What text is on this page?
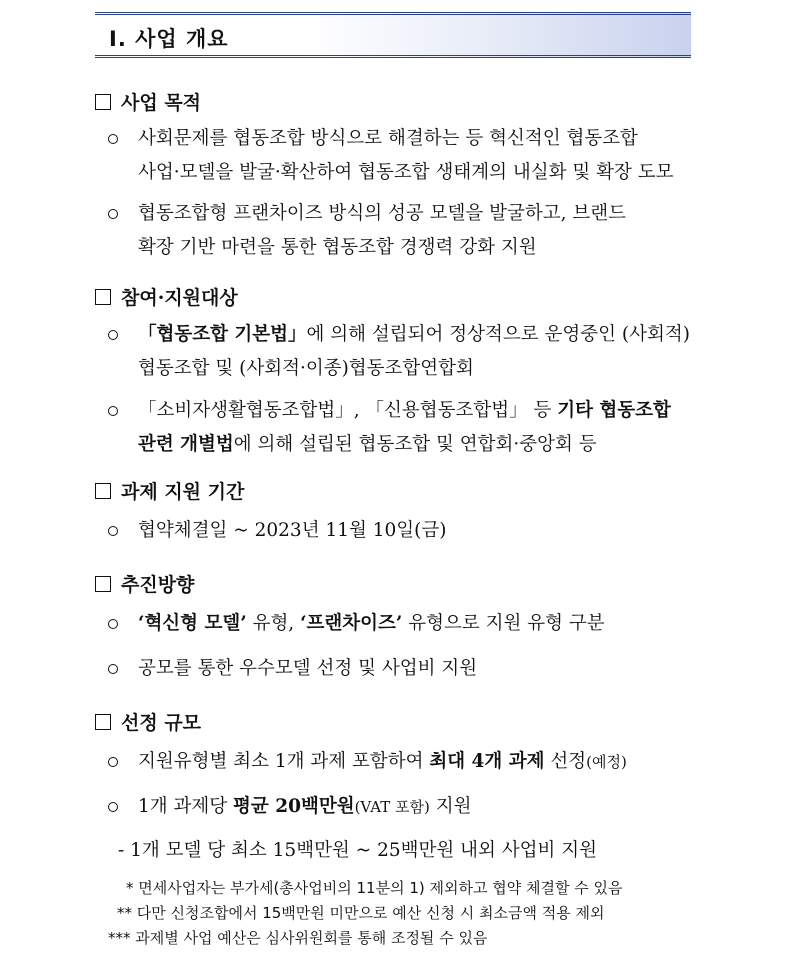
Ⅰ. 사업 개요
사업 목적
사회문제를 협동조합 방식으로 해결하는 등 혁신적인 협동조합
사업·모델을 발굴·확산하여 협동조합 생태계의 내실화 및 확장 도모
협동조합형 프랜차이즈 방식의 성공 모델을 발굴하고, 브랜드
확장 기반 마련을 통한 협동조합 경쟁력 강화 지원
참여·지원대상
「협동조합 기본법」에 의해 설립되어 정상적으로 운영중인 (사회적)
협동조합 및 (사회적·이종)협동조합연합회
「소비자생활협동조합법」, 「신용협동조합법」 등 기타 협동조합
관련 개별법에 의해 설립된 협동조합 및 연합회·중앙회 등
과제 지원 기간
협약체결일 ~ 2023년 11월 10일(금)
추진방향
‘혁신형 모델’ 유형, ‘프랜차이즈’ 유형으로 지원 유형 구분
공모를 통한 우수모델 선정 및 사업비 지원
선정 규모
지원유형별 최소 1개 과제 포함하여 최대 4개 과제 선정(예정)
1개 과제당 평균 20백만원(VAT 포함) 지원
- 1개 모델 당 최소 15백만원 ~ 25백만원 내외 사업비 지원
* 면세사업자는 부가세(총사업비의 11분의 1) 제외하고 협약 체결할 수 있음
** 다만 신청조합에서 15백만원 미만으로 예산 신청 시 최소금액 적용 제외
*** 과제별 사업 예산은 심사위원회를 통해 조정될 수 있음
